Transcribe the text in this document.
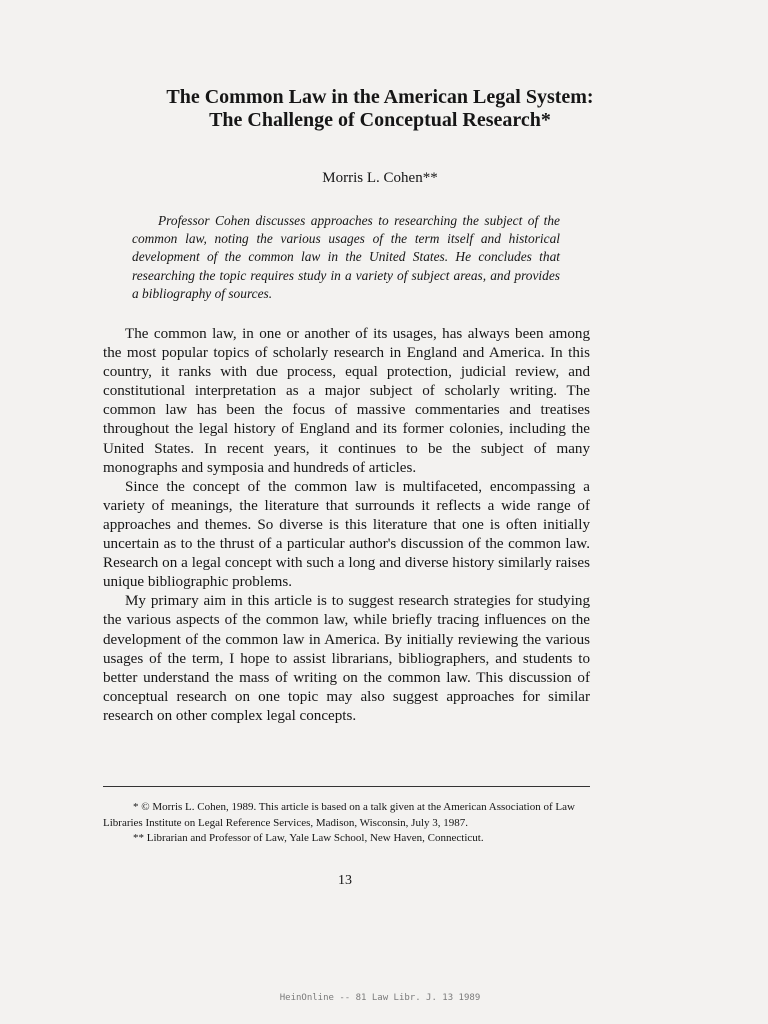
The Common Law in the American Legal System:
The Challenge of Conceptual Research*

Morris L. Cohen**

Professor Cohen discusses approaches to researching the subject of the common law, noting the various usages of the term itself and historical development of the common law in the United States. He concludes that researching the topic requires study in a variety of subject areas, and provides a bibliography of sources.

The common law, in one or another of its usages, has always been among the most popular topics of scholarly research in England and America. In this country, it ranks with due process, equal protection, judicial review, and constitutional interpretation as a major subject of scholarly writing. The common law has been the focus of massive commentaries and treatises throughout the legal history of England and its former colonies, including the United States. In recent years, it continues to be the subject of many monographs and symposia and hundreds of articles.

Since the concept of the common law is multifaceted, encompassing a variety of meanings, the literature that surrounds it reflects a wide range of approaches and themes. So diverse is this literature that one is often initially uncertain as to the thrust of a particular author's discussion of the common law. Research on a legal concept with such a long and diverse history similarly raises unique bibliographic problems.

My primary aim in this article is to suggest research strategies for studying the various aspects of the common law, while briefly tracing influences on the development of the common law in America. By initially reviewing the various usages of the term, I hope to assist librarians, bibliographers, and students to better understand the mass of writing on the common law. This discussion of conceptual research on one topic may also suggest approaches for similar research on other complex legal concepts.

* © Morris L. Cohen, 1989. This article is based on a talk given at the American Association of Law Libraries Institute on Legal Reference Services, Madison, Wisconsin, July 3, 1987.

** Librarian and Professor of Law, Yale Law School, New Haven, Connecticut.

13

HeinOnline -- 81 Law Libr. J. 13 1989
